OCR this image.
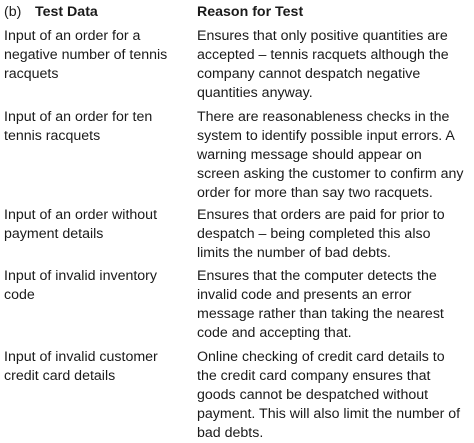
(b) Test Data	Reason for Test
Input of an order for a
negative number of tennis
racquets
Ensures that only positive quantities are
accepted – tennis racquets although the
company cannot despatch negative
quantities anyway.
Input of an order for ten
tennis racquets
There are reasonableness checks in the
system to identify possible input errors. A
warning message should appear on
screen asking the customer to confirm any
order for more than say two racquets.
Input of an order without
payment details
Ensures that orders are paid for prior to
despatch – being completed this also
limits the number of bad debts.
Input of invalid inventory
code
Ensures that the computer detects the
invalid code and presents an error
message rather than taking the nearest
code and accepting that.
Input of invalid customer
credit card details
Online checking of credit card details to
the credit card company ensures that
goods cannot be despatched without
payment. This will also limit the number of
bad debts.
